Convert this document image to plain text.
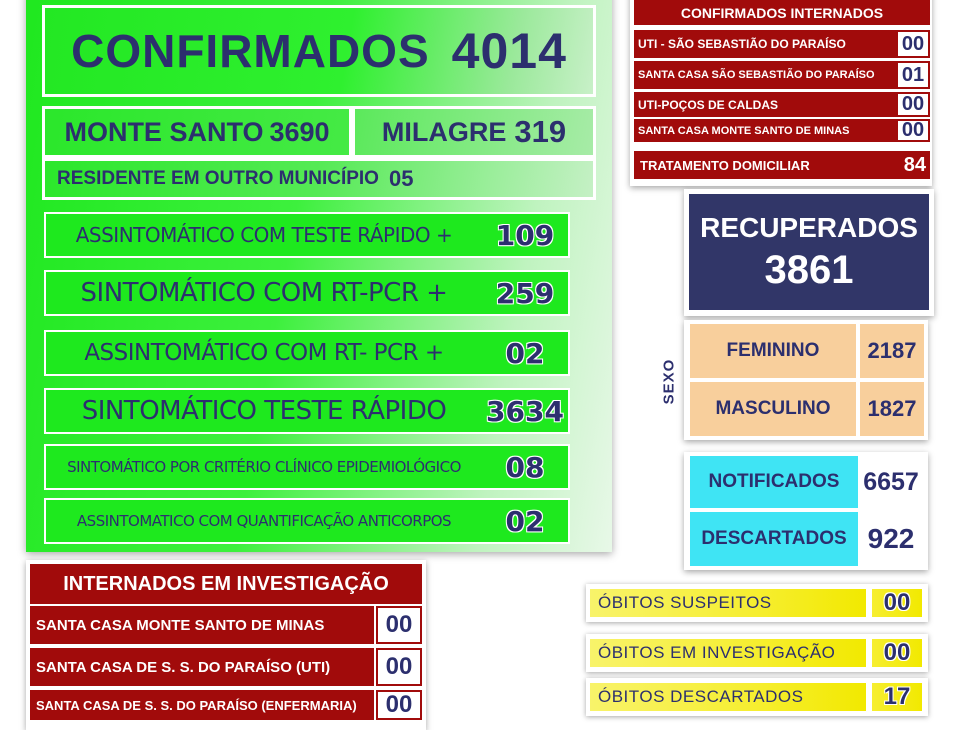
CONFIRMADOS 4014
MONTE SANTO 3690 MILAGRE 319
RESIDENTE EM OUTRO MUNICÍPIO 05
ASSINTOMÁTICO COM TESTE RÁPIDO +	109
SINTOMÁTICO COM RT-PCR +	259
ASSINTOMÁTICO COM RT- PCR +	02
SINTOMÁTICO TESTE RÁPIDO	3634
SINTOMÁTICO POR CRITÉRIO CLÍNICO EPIDEMIOLÓGICO	08
ASSINTOMATICO COM QUANTIFICAÇÃO ANTICORPOS	02
INTERNADOS EM INVESTIGAÇÃO
SANTA CASA MONTE SANTO DE MINAS	00
SANTA CASA DE S. S. DO PARAÍSO (UTI) 00
SANTA CASA DE S. S. DO PARAÍSO (ENFERMARIA) 00
CONFIRMADOS INTERNADOS
UTI - SÃO SEBASTIÃO DO PARAÍSO	00
SANTA CASA SÃO SEBASTIÃO DO PARAÍSO 01
UTI-POÇOS DE CALDAS	00
SANTA CASA MONTE SANTO DE MINAS	00
TRATAMENTO DOMICILIAR	84
RECUPERADOS
3861
SEXO
FEMININO 2187
MASCULINO 1827
NOTIFICADOS 6657
DESCARTADOS 922
ÓBITOS SUSPEITOS	00
ÓBITOS EM INVESTIGAÇÃO	00
ÓBITOS DESCARTADOS	17
